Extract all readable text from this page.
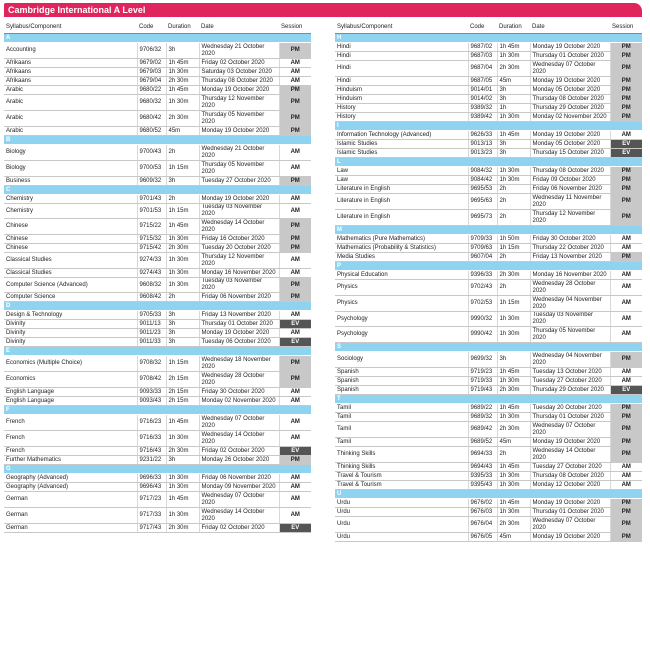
Cambridge International A Level
Syllabus/Component	Code	Duration	Date	Session
A				
Accounting	9706/32	3h	Wednesday 21 October 2020	PM
Afrikaans	9679/02	1h 45m	Friday 02 October 2020	AM
Afrikaans	9679/03	1h 30m	Saturday 03 October 2020	AM
Afrikaans	9679/04	2h 30m	Thursday 08 October 2020	AM
Arabic	9680/22	1h 45m	Monday 19 October 2020	PM
Arabic	9680/32	1h 30m	Thursday 12 November 2020	PM
Arabic	9680/42	2h 30m	Thursday 05 November 2020	PM
Arabic	9680/52	45m	Monday 19 October 2020	PM
B				
Biology	9700/43	2h	Wednesday 21 October 2020	AM
Biology	9700/53	1h 15m	Thursday 05 November 2020	AM
Business	9609/32	3h	Tuesday 27 October 2020	PM
C				
Chemistry	9701/43	2h	Monday 19 October 2020	AM
Chemistry	9701/53	1h 15m	Tuesday 03 November 2020	AM
Chinese	9715/22	1h 45m	Wednesday 14 October 2020	PM
Chinese	9715/32	1h 30m	Friday 16 October 2020	PM
Chinese	9715/42	2h 30m	Tuesday 20 October 2020	PM
Classical Studies	9274/33	1h 30m	Thursday 12 November 2020	AM
Classical Studies	9274/43	1h 30m	Monday 16 November 2020	AM
Computer Science (Advanced)	9608/32	1h 30m	Tuesday 03 November 2020	PM
Computer Science	9608/42	2h	Friday 06 November 2020	PM
D				
Design & Technology	9705/33	3h	Friday 13 November 2020	AM
Divinity	9011/13	3h	Thursday 01 October 2020	EV
Divinity	9011/23	3h	Monday 19 October 2020	AM
Divinity	9011/33	3h	Tuesday 06 October 2020	EV
E				
Economics (Multiple Choice)	9708/32	1h 15m	Wednesday 18 November 2020	PM
Economics	9708/42	2h 15m	Wednesday 28 October 2020	PM
English Language	9093/33	2h 15m	Friday 30 October 2020	AM
English Language	9093/43	2h 15m	Monday 02 November 2020	AM
F				
French	9716/23	1h 45m	Wednesday 07 October 2020	AM
French	9716/33	1h 30m	Wednesday 14 October 2020	AM
French	9716/43	2h 30m	Friday 02 October 2020	EV
Further Mathematics	9231/22	3h	Monday 26 October 2020	PM
G				
Geography (Advanced)	9696/33	1h 30m	Friday 06 November 2020	AM
Geography (Advanced)	9696/43	1h 30m	Monday 09 November 2020	AM
German	9717/23	1h 45m	Wednesday 07 October 2020	AM
German	9717/33	1h 30m	Wednesday 14 October 2020	AM
German	9717/43	2h 30m	Friday 02 October 2020	EV
Syllabus/Component	Code	Duration	Date	Session
H				
Hindi	9687/02	1h 45m	Monday 19 October 2020	PM
Hindi	9687/03	1h 30m	Thursday 01 October 2020	PM
Hindi	9687/04	2h 30m	Wednesday 07 October 2020	PM
Hindi	9687/05	45m	Monday 19 October 2020	PM
Hinduism	9014/01	3h	Monday 05 October 2020	PM
Hinduism	9014/02	3h	Thursday 08 October 2020	PM
History	9389/32	1h	Thursday 29 October 2020	PM
History	9389/42	1h 30m	Monday 02 November 2020	PM
I				
Information Technology (Advanced)	9626/33	1h 45m	Monday 19 October 2020	AM
Islamic Studies	9013/13	3h	Monday 05 October 2020	EV
Islamic Studies	9013/23	3h	Thursday 15 October 2020	EV
L				
Law	9084/32	1h 30m	Thursday 08 October 2020	PM
Law	9084/42	1h 30m	Friday 09 October 2020	PM
Literature in English	9695/53	2h	Friday 06 November 2020	PM
Literature in English	9695/63	2h	Wednesday 11 November 2020	PM
Literature in English	9695/73	2h	Thursday 12 November 2020	PM
M				
Mathematics (Pure Mathematics)	9709/33	1h 50m	Friday 30 October 2020	AM
Mathematics (Probability & Statistics)	9709/63	1h 15m	Thursday 22 October 2020	AM
Media Studies	9607/04	2h	Friday 13 November 2020	PM
P				
Physical Education	9396/33	2h 30m	Monday 16 November 2020	AM
Physics	9702/43	2h	Wednesday 28 October 2020	AM
Physics	9702/53	1h 15m	Wednesday 04 November 2020	AM
Psychology	9990/32	1h 30m	Tuesday 03 November 2020	AM
Psychology	9990/42	1h 30m	Thursday 05 November 2020	AM
S				
Sociology	9699/32	3h	Wednesday 04 November 2020	PM
Spanish	9719/23	1h 45m	Tuesday 13 October 2020	AM
Spanish	9719/33	1h 30m	Tuesday 27 October 2020	AM
Spanish	9719/43	2h 30m	Thursday 29 October 2020	EV
T				
Tamil	9689/22	1h 45m	Tuesday 20 October 2020	PM
Tamil	9689/32	1h 30m	Thursday 01 October 2020	PM
Tamil	9689/42	2h 30m	Wednesday 07 October 2020	PM
Tamil	9689/52	45m	Monday 19 October 2020	PM
Thinking Skills	9694/33	2h	Wednesday 14 October 2020	PM
Thinking Skills	9694/43	1h 45m	Tuesday 27 October 2020	AM
Travel & Tourism	9395/33	1h 30m	Thursday 08 October 2020	AM
Travel & Tourism	9395/43	1h 30m	Monday 12 October 2020	AM
U				
Urdu	9676/02	1h 45m	Monday 19 October 2020	PM
Urdu	9676/03	1h 30m	Thursday 01 October 2020	PM
Urdu	9676/04	2h 30m	Wednesday 07 October 2020	PM
Urdu	9676/05	45m	Monday 19 October 2020	PM
